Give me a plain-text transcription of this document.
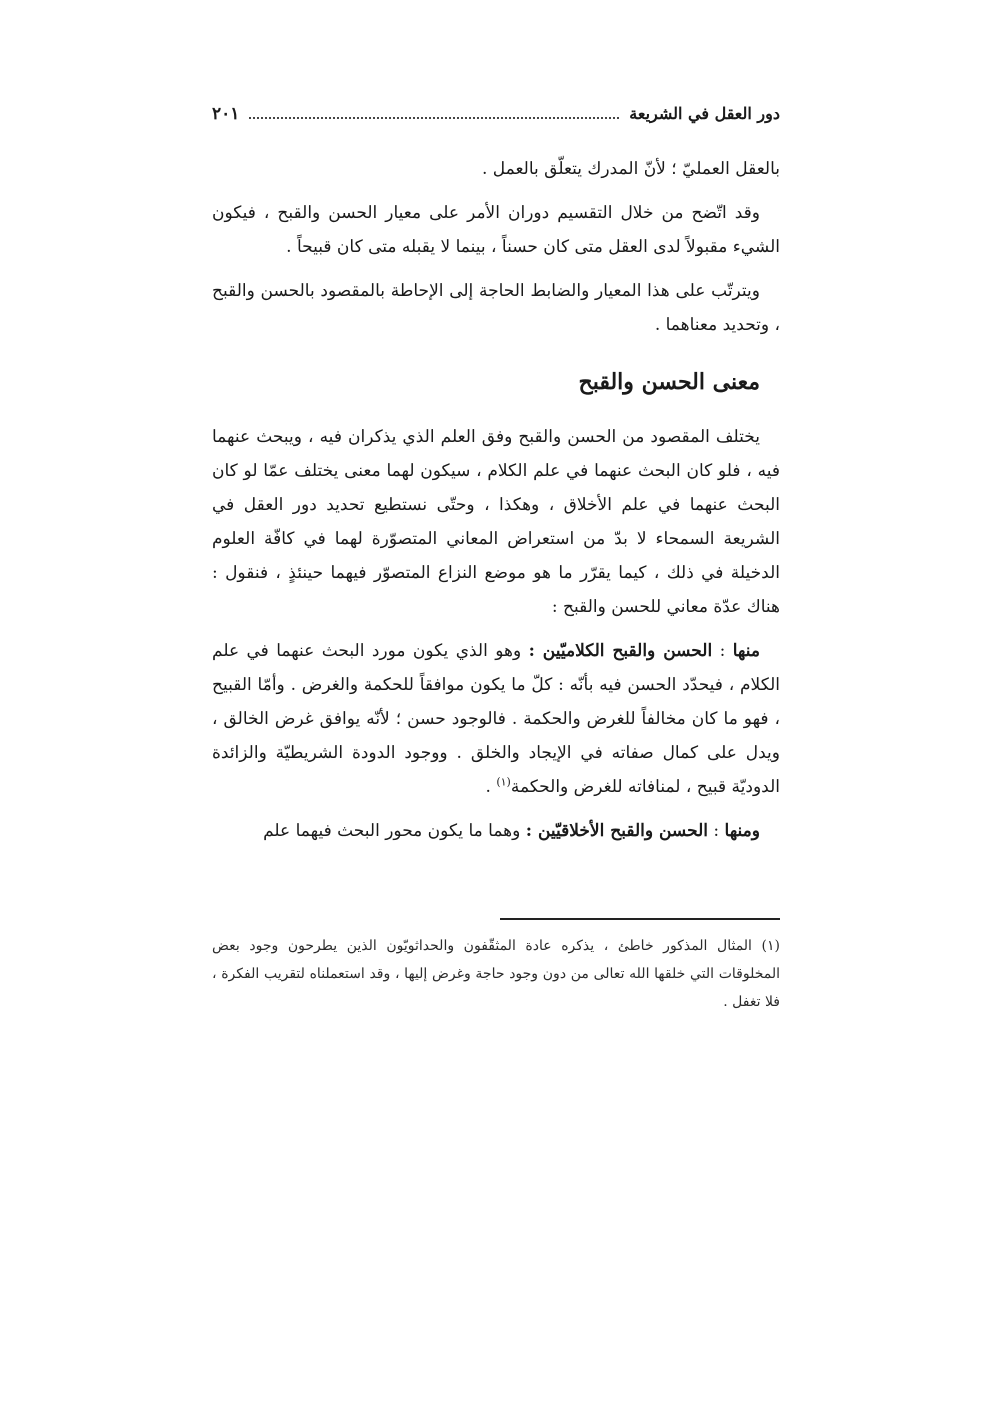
دور العقل في الشريعة
٢٠١

بالعقل العمليّ ؛ لأنّ المدرك يتعلّق بالعمل .

وقد اتّضح من خلال التقسيم دوران الأمر على معيار الحسن والقبح ، فيكون الشيء مقبولاً لدى العقل متى كان حسناً ، بينما لا يقبله متى كان قبيحاً .

ويترتّب على هذا المعيار والضابط الحاجة إلى الإحاطة بالمقصود بالحسن والقبح ، وتحديد معناهما .

معنى الحسن والقبح

يختلف المقصود من الحسن والقبح وفق العلم الذي يذكران فيه ، ويبحث عنهما فيه ، فلو كان البحث عنهما في علم الكلام ، سيكون لهما معنى يختلف عمّا لو كان البحث عنهما في علم الأخلاق ، وهكذا ، وحتّى نستطيع تحديد دور العقل في الشريعة السمحاء لا بدّ من استعراض المعاني المتصوّرة لهما في كافّة العلوم الدخيلة في ذلك ، كيما يقرّر ما هو موضع النزاع المتصوّر فيهما حينئذٍ ، فنقول : هناك عدّة معاني للحسن والقبح :

منها : الحسن والقبح الكلاميّين : وهو الذي يكون مورد البحث عنهما في علم الكلام ، فيحدّد الحسن فيه بأنّه : كلّ ما يكون موافقاً للحكمة والغرض . وأمّا القبيح ، فهو ما كان مخالفاً للغرض والحكمة . فالوجود حسن ؛ لأنّه يوافق غرض الخالق ، ويدل على كمال صفاته في الإيجاد والخلق . ووجود الدودة الشريطيّة والزائدة الدوديّة قبيح ، لمنافاته للغرض والحكمة$^{(١)}$ .

ومنها : الحسن والقبح الأخلاقيّين : وهما ما يكون محور البحث فيهما علم

(١) المثال المذكور خاطئ ، يذكره عادة المثقّفون والحداثويّون الذين يطرحون وجود بعض المخلوقات التي خلقها الله تعالى من دون وجود حاجة وغرض إليها ، وقد استعملناه لتقريب الفكرة ، فلا تغفل .
